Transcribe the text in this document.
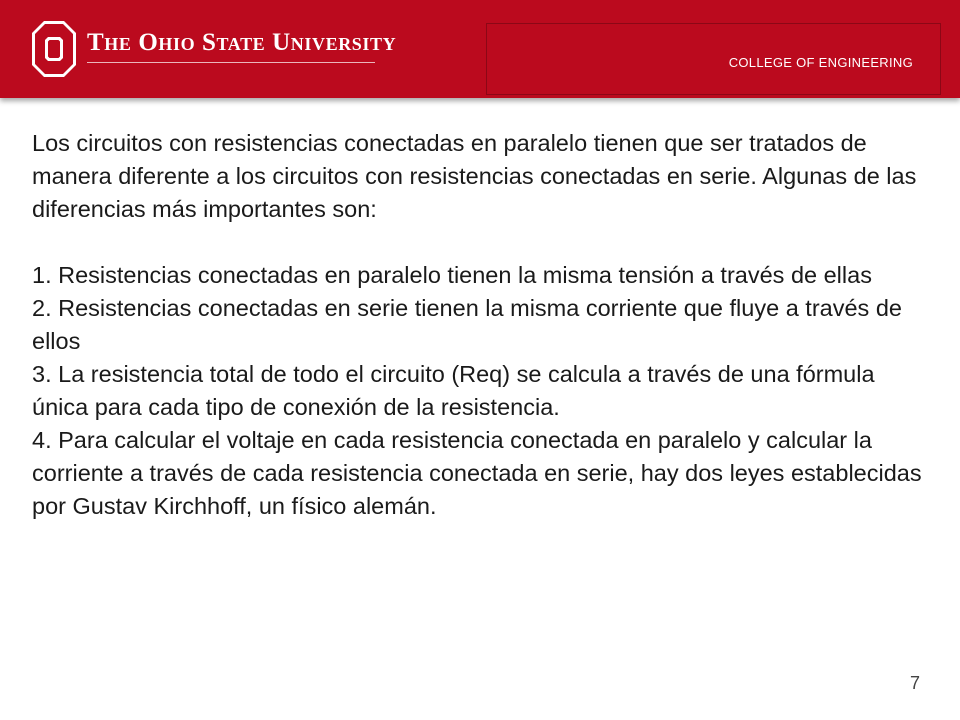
The Ohio State University
COLLEGE OF ENGINEERING

Los circuitos con resistencias conectadas en paralelo tienen que ser tratados de manera diferente a los circuitos con resistencias conectadas en serie. Algunas de las diferencias más importantes son:

1. Resistencias conectadas en paralelo tienen la misma tensión a través de ellas

2. Resistencias conectadas en serie tienen la misma corriente que fluye a través de ellos

3. La resistencia total de todo el circuito (Req) se calcula a través de una fórmula única para cada tipo de conexión de la resistencia.

4. Para calcular el voltaje en cada resistencia conectada en paralelo y calcular la corriente a través de cada resistencia conectada en serie, hay dos leyes establecidas por Gustav Kirchhoff, un físico alemán.

7
